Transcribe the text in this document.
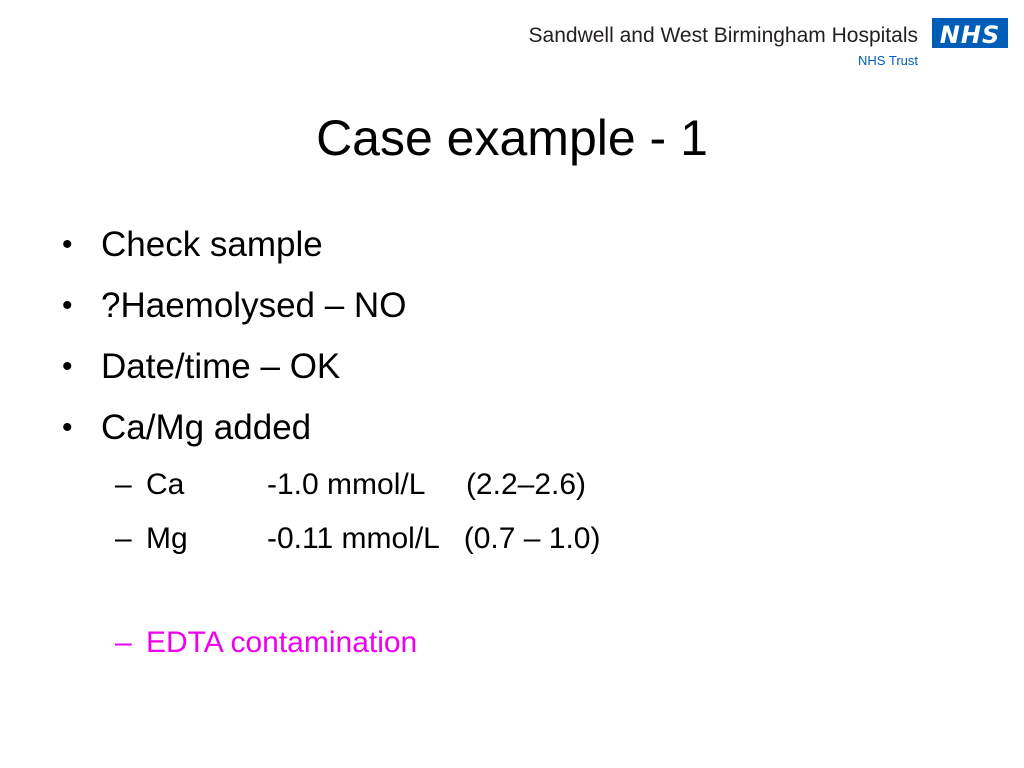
Sandwell and West Birmingham Hospitals
NHS Trust
NHS
Case example - 1
• Check sample
• ?Haemolysed – NO
• Date/time – OK
• Ca/Mg added
– Ca	-1.0 mmol/L     (2.2–2.6)
– Mg	-0.11 mmol/L   (0.7 – 1.0)
– EDTA contamination
